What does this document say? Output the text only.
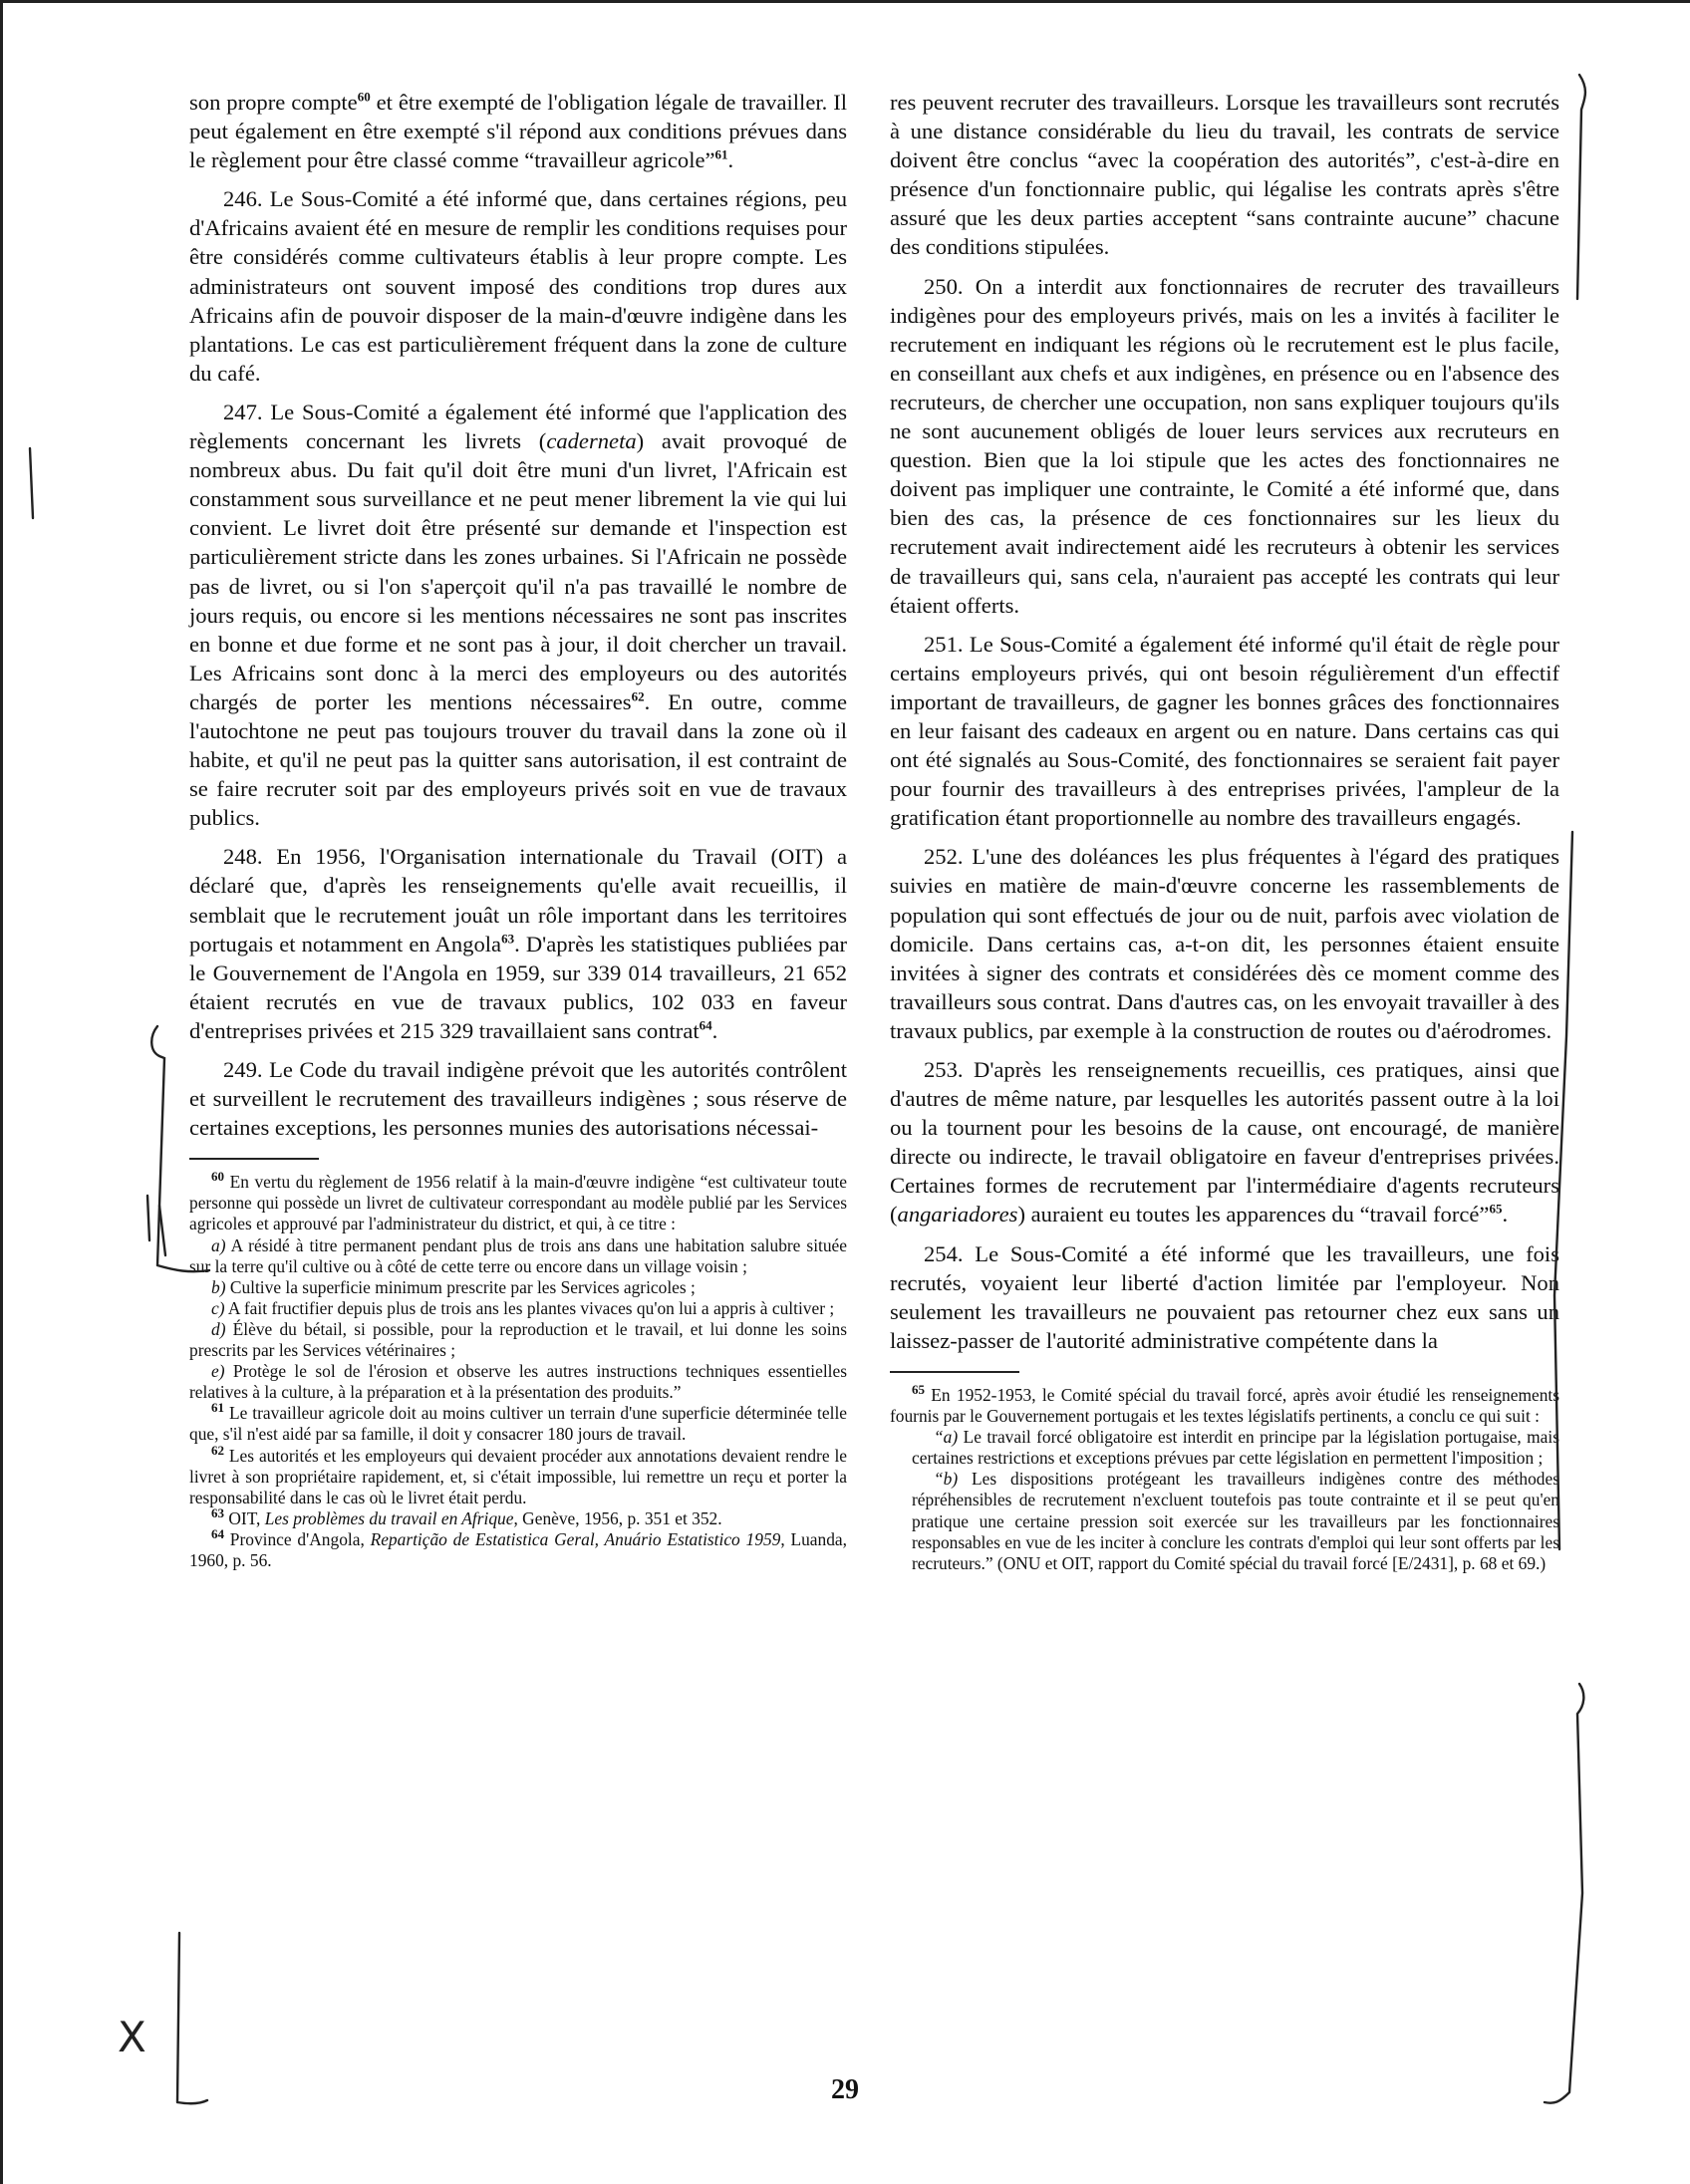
son propre compte$^{60}$ et être exempté de l'obligation légale de travailler. Il peut également en être exempté s'il répond aux conditions prévues dans le règlement pour être classé comme “travailleur agricole”$^{61}$.

246. Le Sous-Comité a été informé que, dans certaines régions, peu d'Africains avaient été en mesure de remplir les conditions requises pour être considérés comme cultivateurs établis à leur propre compte. Les administrateurs ont souvent imposé des conditions trop dures aux Africains afin de pouvoir disposer de la main-d'œuvre indigène dans les plantations. Le cas est particulièrement fréquent dans la zone de culture du café.

247. Le Sous-Comité a également été informé que l'application des règlements concernant les livrets (caderneta) avait provoqué de nombreux abus. Du fait qu'il doit être muni d'un livret, l'Africain est constamment sous surveillance et ne peut mener librement la vie qui lui convient. Le livret doit être présenté sur demande et l'inspection est particulièrement stricte dans les zones urbaines. Si l'Africain ne possède pas de livret, ou si l'on s'aperçoit qu'il n'a pas travaillé le nombre de jours requis, ou encore si les mentions nécessaires ne sont pas inscrites en bonne et due forme et ne sont pas à jour, il doit chercher un travail. Les Africains sont donc à la merci des employeurs ou des autorités chargés de porter les mentions nécessaires$^{62}$. En outre, comme l'autochtone ne peut pas toujours trouver du travail dans la zone où il habite, et qu'il ne peut pas la quitter sans autorisation, il est contraint de se faire recruter soit par des employeurs privés soit en vue de travaux publics.

248. En 1956, l'Organisation internationale du Travail (OIT) a déclaré que, d'après les renseignements qu'elle avait recueillis, il semblait que le recrutement jouât un rôle important dans les territoires portugais et notamment en Angola$^{63}$. D'après les statistiques publiées par le Gouvernement de l'Angola en 1959, sur 339 014 travailleurs, 21 652 étaient recrutés en vue de travaux publics, 102 033 en faveur d'entreprises privées et 215 329 travaillaient sans contrat$^{64}$.

249. Le Code du travail indigène prévoit que les autorités contrôlent et surveillent le recrutement des travailleurs indigènes ; sous réserve de certaines exceptions, les personnes munies des autorisations nécessai-

$^{60}$ En vertu du règlement de 1956 relatif à la main-d'œuvre indigène “est cultivateur toute personne qui possède un livret de cultivateur correspondant au modèle publié par les Services agricoles et approuvé par l'administrateur du district, et qui, à ce titre :

a) A résidé à titre permanent pendant plus de trois ans dans une habitation salubre située sur la terre qu'il cultive ou à côté de cette terre ou encore dans un village voisin ;

b) Cultive la superficie minimum prescrite par les Services agricoles ;

c) A fait fructifier depuis plus de trois ans les plantes vivaces qu'on lui a appris à cultiver ;

d) Élève du bétail, si possible, pour la reproduction et le travail, et lui donne les soins prescrits par les Services vétérinaires ;

e) Protège le sol de l'érosion et observe les autres instructions techniques essentielles relatives à la culture, à la préparation et à la présentation des produits.”

$^{61}$ Le travailleur agricole doit au moins cultiver un terrain d'une superficie déterminée telle que, s'il n'est aidé par sa famille, il doit y consacrer 180 jours de travail.

$^{62}$ Les autorités et les employeurs qui devaient procéder aux annotations devaient rendre le livret à son propriétaire rapidement, et, si c'était impossible, lui remettre un reçu et porter la responsabilité dans le cas où le livret était perdu.

$^{63}$ OIT, Les problèmes du travail en Afrique, Genève, 1956, p. 351 et 352.

$^{64}$ Province d'Angola, Repartição de Estatistica Geral, Anuário Estatistico 1959, Luanda, 1960, p. 56.

res peuvent recruter des travailleurs. Lorsque les travailleurs sont recrutés à une distance considérable du lieu du travail, les contrats de service doivent être conclus “avec la coopération des autorités”, c'est-à-dire en présence d'un fonctionnaire public, qui légalise les contrats après s'être assuré que les deux parties acceptent “sans contrainte aucune” chacune des conditions stipulées.

250. On a interdit aux fonctionnaires de recruter des travailleurs indigènes pour des employeurs privés, mais on les a invités à faciliter le recrutement en indiquant les régions où le recrutement est le plus facile, en conseillant aux chefs et aux indigènes, en présence ou en l'absence des recruteurs, de chercher une occupation, non sans expliquer toujours qu'ils ne sont aucunement obligés de louer leurs services aux recruteurs en question. Bien que la loi stipule que les actes des fonctionnaires ne doivent pas impliquer une contrainte, le Comité a été informé que, dans bien des cas, la présence de ces fonctionnaires sur les lieux du recrutement avait indirectement aidé les recruteurs à obtenir les services de travailleurs qui, sans cela, n'auraient pas accepté les contrats qui leur étaient offerts.

251. Le Sous-Comité a également été informé qu'il était de règle pour certains employeurs privés, qui ont besoin régulièrement d'un effectif important de travailleurs, de gagner les bonnes grâces des fonctionnaires en leur faisant des cadeaux en argent ou en nature. Dans certains cas qui ont été signalés au Sous-Comité, des fonctionnaires se seraient fait payer pour fournir des travailleurs à des entreprises privées, l'ampleur de la gratification étant proportionnelle au nombre des travailleurs engagés.

252. L'une des doléances les plus fréquentes à l'égard des pratiques suivies en matière de main-d'œuvre concerne les rassemblements de population qui sont effectués de jour ou de nuit, parfois avec violation de domicile. Dans certains cas, a-t-on dit, les personnes étaient ensuite invitées à signer des contrats et considérées dès ce moment comme des travailleurs sous contrat. Dans d'autres cas, on les envoyait travailler à des travaux publics, par exemple à la construction de routes ou d'aérodromes.

253. D'après les renseignements recueillis, ces pratiques, ainsi que d'autres de même nature, par lesquelles les autorités passent outre à la loi ou la tournent pour les besoins de la cause, ont encouragé, de manière directe ou indirecte, le travail obligatoire en faveur d'entreprises privées. Certaines formes de recrutement par l'intermédiaire d'agents recruteurs (angariadores) auraient eu toutes les apparences du “travail forcé”$^{65}$.

254. Le Sous-Comité a été informé que les travailleurs, une fois recrutés, voyaient leur liberté d'action limitée par l'employeur. Non seulement les travailleurs ne pouvaient pas retourner chez eux sans un laissez-passer de l'autorité administrative compétente dans la

$^{65}$ En 1952-1953, le Comité spécial du travail forcé, après avoir étudié les renseignements fournis par le Gouvernement portugais et les textes législatifs pertinents, a conclu ce qui suit :

“a) Le travail forcé obligatoire est interdit en principe par la législation portugaise, mais certaines restrictions et exceptions prévues par cette législation en permettent l'imposition ;

“b) Les dispositions protégeant les travailleurs indigènes contre des méthodes répréhensibles de recrutement n'excluent toutefois pas toute contrainte et il se peut qu'en pratique une certaine pression soit exercée sur les travailleurs par les fonctionnaires responsables en vue de les inciter à conclure les contrats d'emploi qui leur sont offerts par les recruteurs.” (ONU et OIT, rapport du Comité spécial du travail forcé [E/2431], p. 68 et 69.)

29
X
